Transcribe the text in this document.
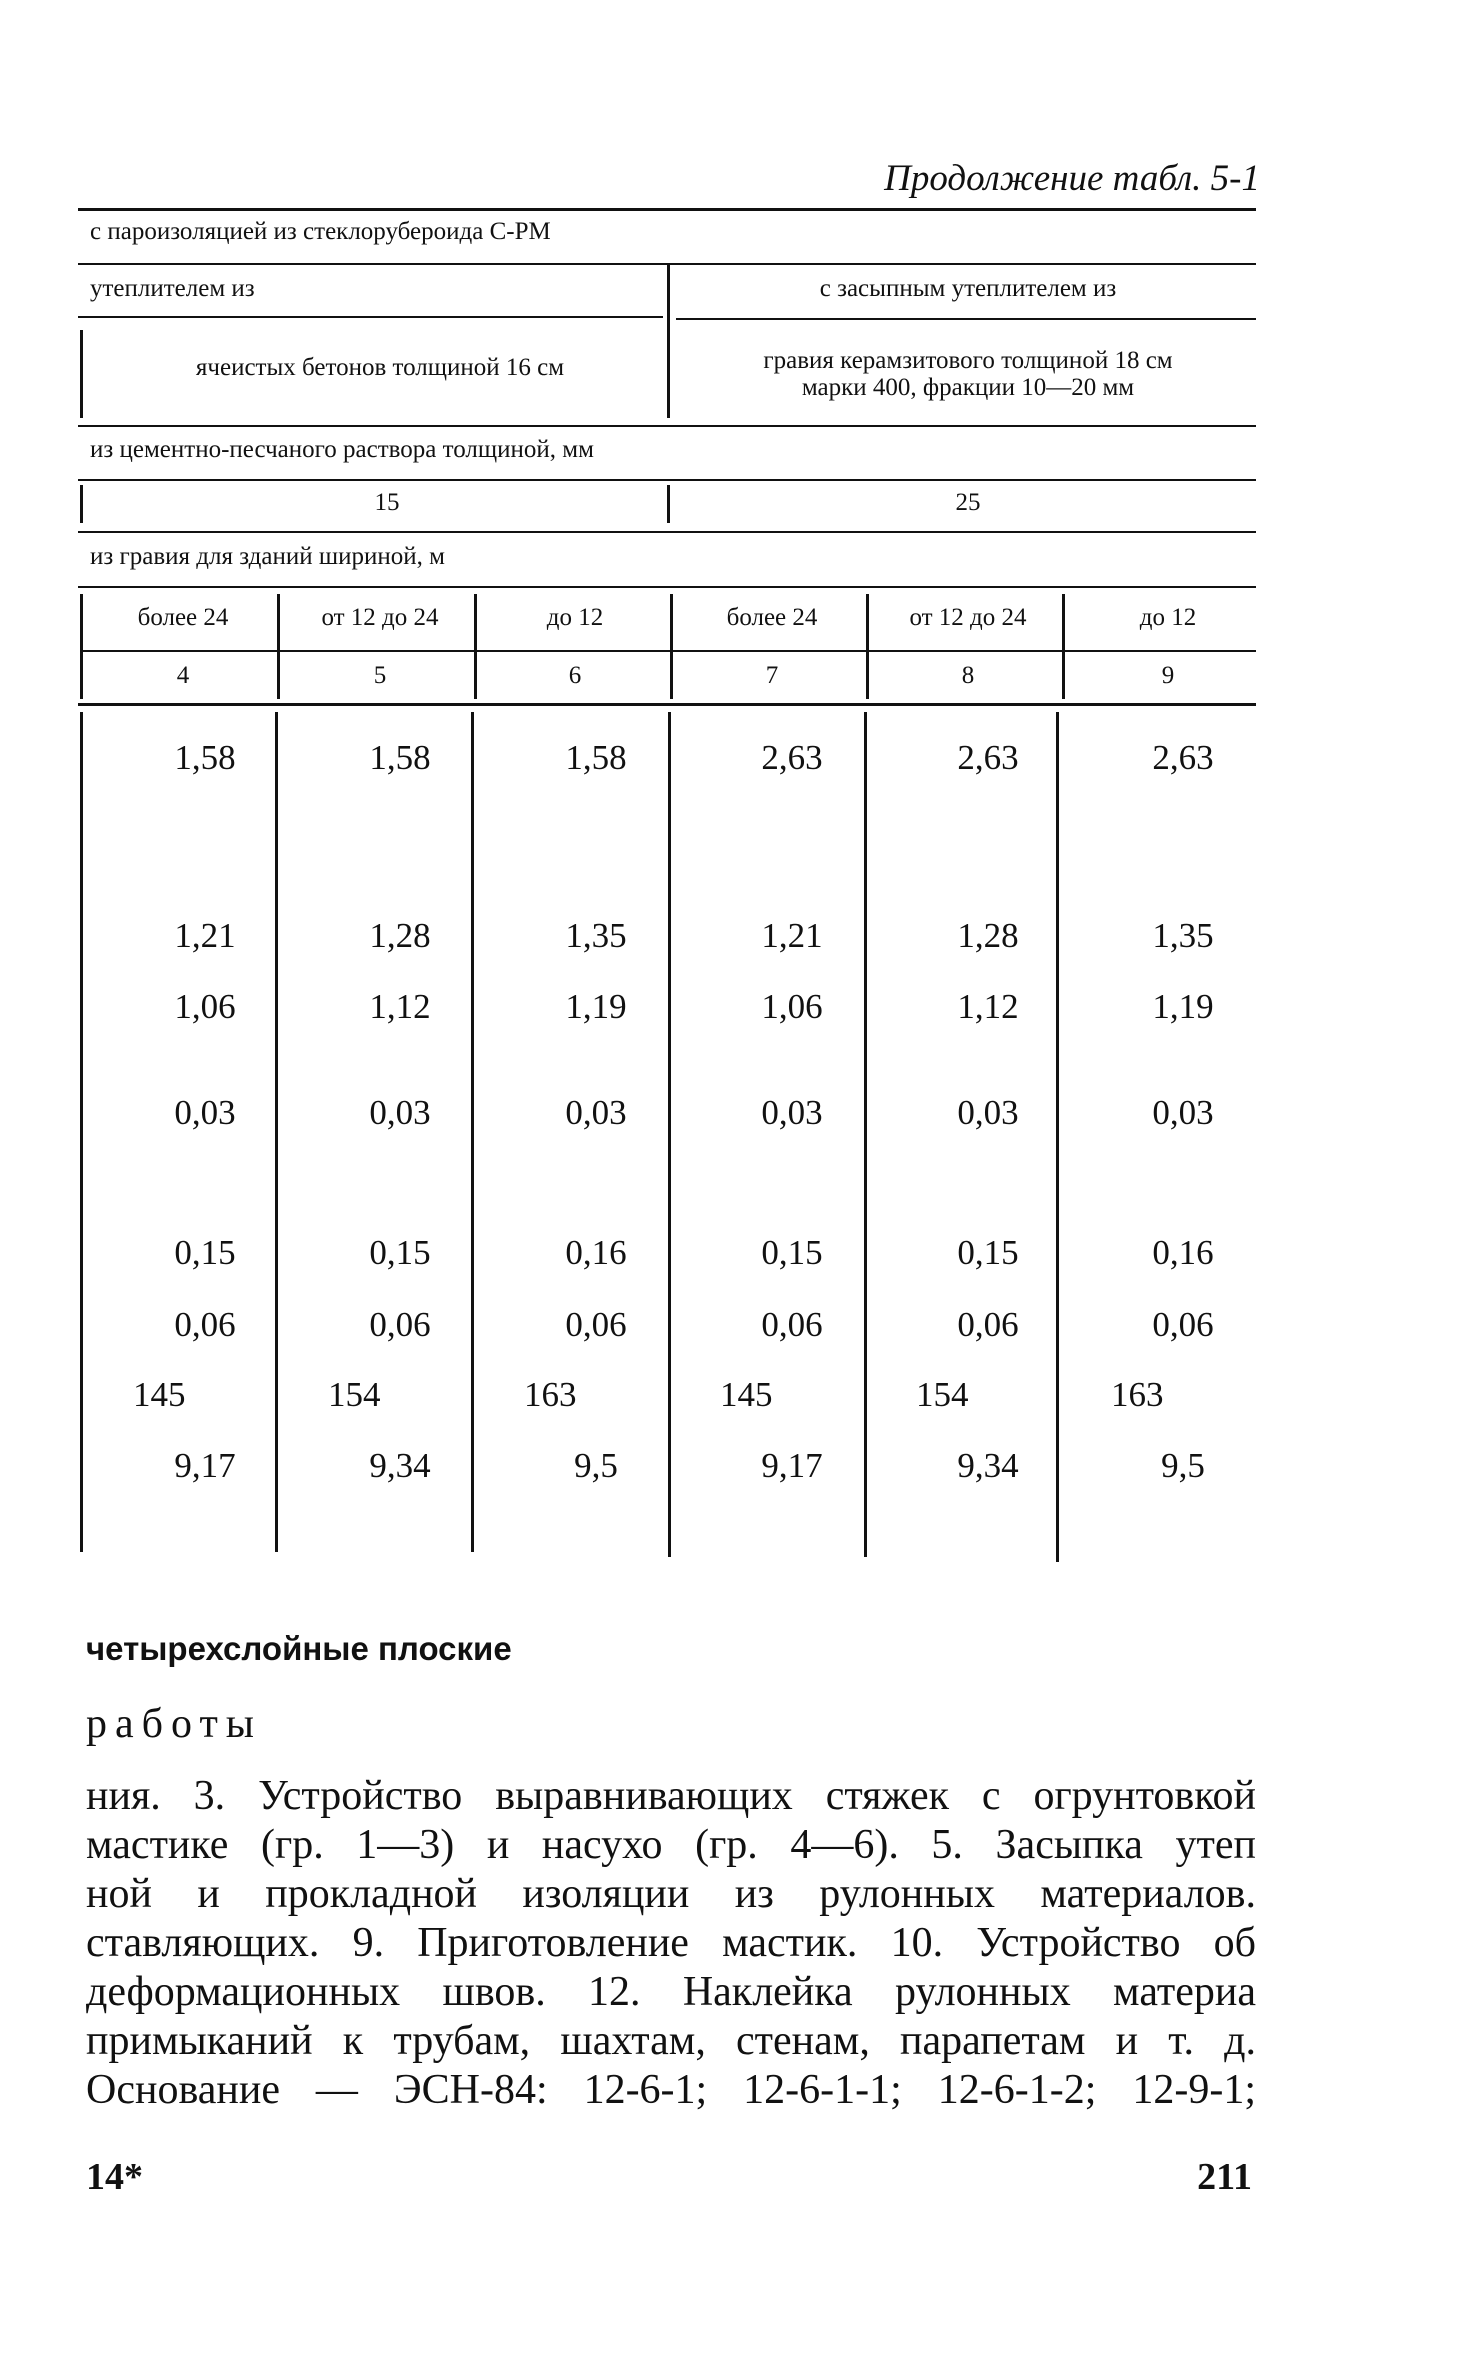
Продолжение табл. 5-1
с пароизоляцией из стеклорубероида С-РМ
утеплителем из	с засыпным утеплителем из
ячеистых бетонов толщиной 16 см	гравия керамзитового толщиной 18 см
марки 400, фракции 10—20 мм
из цементно-песчаного раствора толщиной, мм
15	25
из гравия для зданий шириной, м
более 24	от 12 до 24	до 12	более 24	от 12 до 24	до 12
4	5	6	7	8	9
1,58	1,58	1,58	2,63	2,63	2,63
1,21	1,28	1,35	1,21	1,28	1,35
1,06	1,12	1,19	1,06	1,12	1,19
0,03	0,03	0,03	0,03	0,03	0,03
0,15	0,15	0,16	0,15	0,15	0,16
0,06	0,06	0,06	0,06	0,06	0,06
145	154	163	145	154	163
9,17	9,34	9,5	9,17	9,34	9,5
четырехслойные плоские
работы
ния. 3. Устройство выравнивающих стяжек с огрунтовкой
мастике (гр. 1—3) и насухо (гр. 4—6). 5. Засыпка утеп
ной и прокладной изоляции из рулонных материалов.
ставляющих. 9. Приготовление мастик. 10. Устройство об
деформационных швов. 12. Наклейка рулонных материа
примыканий к трубам, шахтам, стенам, парапетам и т. д.
Основание — ЭСН-84: 12-6-1; 12-6-1-1; 12-6-1-2; 12-9-1;
14*	211
